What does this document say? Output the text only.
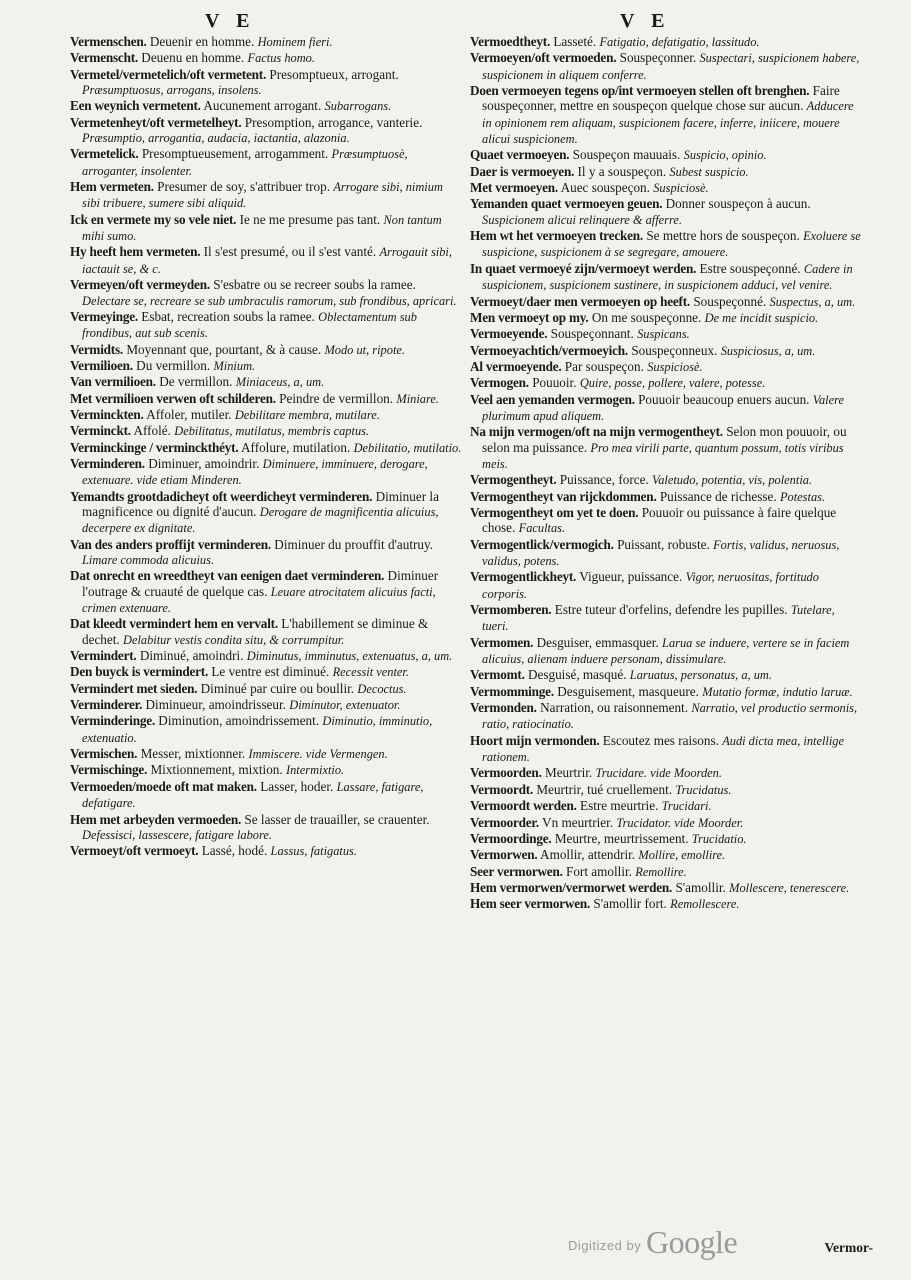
V E	V E

Vermenschen. Deuenir en homme. Hominem fieri.

Vermenscht. Deuenu en homme. Factus homo.

Vermetel/vermetelich/oft vermetent. Presomptueux, arrogant. Præsumptuosus, arrogans, insolens.

Een weynich vermetent. Aucunement arrogant. Subarrogans.

Vermetenheyt/oft vermetelheyt. Presomption, arrogance, vanterie. Præsumptio, arrogantia, audacia, iactantia, alazonia.

Vermetelick. Presomptueusement, arrogamment. Præsumptuosè, arroganter, insolenter.

Hem vermeten. Presumer de soy, s'attribuer trop. Arrogare sibi, nimium sibi tribuere, sumere sibi aliquid.

Ick en vermete my so vele niet. Ie ne me presume pas tant. Non tantum mihi sumo.

Hy heeft hem vermeten. Il s'est presumé, ou il s'est vanté. Arrogauit sibi, iactauit se, & c.

Vermeyen/oft vermeyden. S'esbatre ou se recreer soubs la ramee. Delectare se, recreare se sub umbraculis ramorum, sub frondibus, apricari.

Vermeyinge. Esbat, recreation soubs la ramee. Oblectamentum sub frondibus, aut sub scenis.

Vermidts. Moyennant que, pourtant, & à cause. Modo ut, ripote.

Vermilioen. Du vermillon. Minium.

Van vermilioen. De vermillon. Miniaceus, a, um.

Met vermilioen verwen oft schilderen. Peindre de vermillon. Miniare.

Verminckten. Affoler, mutiler. Debilitare membra, mutilare.

Verminckt. Affolé. Debilitatus, mutilatus, membris captus.

Verminckinge / verminckthéyt. Affolure, mutilation. Debilitatio, mutilatio.

Verminderen. Diminuer, amoindrir. Diminuere, imminuere, derogare, extenuare. vide etiam Minderen.

Yemandts grootdadicheyt oft weerdicheyt verminderen. Diminuer la magnificence ou dignité d'aucun. Derogare de magnificentia alicuius, decerpere ex dignitate.

Van des anders proffijt verminderen. Diminuer du prouffit d'autruy. Limare commoda alicuius.

Dat onrecht en wreedtheyt van eenigen daet verminderen. Diminuer l'outrage & cruauté de quelque cas. Leuare atrocitatem alicuius facti, crimen extenuare.

Dat kleedt vermindert hem en vervalt. L'habillement se diminue & dechet. Delabitur vestis condita situ, & corrumpitur.

Vermindert. Diminué, amoindri. Diminutus, imminutus, extenuatus, a, um.

Den buyck is vermindert. Le ventre est diminué. Recessit venter.

Vermindert met sieden. Diminué par cuire ou boullir. Decoctus.

Verminderer. Diminueur, amoindrisseur. Diminutor, extenuator.

Verminderinge. Diminution, amoindrissement. Diminutio, imminutio, extenuatio.

Vermischen. Messer, mixtionner. Immiscere. vide Vermengen.

Vermischinge. Mixtionnement, mixtion. Intermixtio.

Vermoeden/moede oft mat maken. Lasser, hoder. Lassare, fatigare, defatigare.

Hem met arbeyden vermoeden. Se lasser de trauailler, se crauenter. Defessisci, lassescere, fatigare labore.

Vermoeyt/oft vermoeyt. Lassé, hodé. Lassus, fatigatus.

Vermoedtheyt. Lasseté. Fatigatio, defatigatio, lassitudo.

Vermoeyen/oft vermoeden. Souspeçonner. Suspectari, suspicionem habere, suspicionem in aliquem conferre.

Doen vermoeyen tegens op/int vermoeyen stellen oft brenghen. Faire souspeçonner, mettre en souspeçon quelque chose sur aucun. Adducere in opinionem rem aliquam, suspicionem facere, inferre, iniicere, mouere alicui suspicionem.

Quaet vermoeyen. Souspeçon mauuais. Suspicio, opinio.

Daer is vermoeyen. Il y a souspeçon. Subest suspicio.

Met vermoeyen. Auec souspeçon. Suspiciosè.

Yemanden quaet vermoeyen geuen. Donner souspeçon à aucun. Suspicionem alicui relinquere & afferre.

Hem wt het vermoeyen trecken. Se mettre hors de souspeçon. Exoluere se suspicione, suspicionem à se segregare, amouere.

In quaet vermoeyé zijn/vermoeyt werden. Estre souspeçonné. Cadere in suspicionem, suspicionem sustinere, in suspicionem adduci, vel venire.

Vermoeyt/daer men vermoeyen op heeft. Souspeçonné. Suspectus, a, um.

Men vermoeyt op my. On me souspeçonne. De me incidit suspicio.

Vermoeyende. Souspeçonnant. Suspicans.

Vermoeyachtich/vermoeyich. Souspeçonneux. Suspiciosus, a, um.

Al vermoeyende. Par souspeçon. Suspiciosè.

Vermogen. Pouuoir. Quire, posse, pollere, valere, potesse.

Veel aen yemanden vermogen. Pouuoir beaucoup enuers aucun. Valere plurimum apud aliquem.

Na mijn vermogen/oft na mijn vermogentheyt. Selon mon pouuoir, ou selon ma puissance. Pro mea virili parte, quantum possum, totis viribus meis.

Vermogentheyt. Puissance, force. Valetudo, potentia, vis, polentia.

Vermogentheyt van rijckdommen. Puissance de richesse. Potestas.

Vermogentheyt om yet te doen. Pouuoir ou puissance à faire quelque chose. Facultas.

Vermogentlick/vermogich. Puissant, robuste. Fortis, validus, neruosus, validus, potens.

Vermogentlickheyt. Vigueur, puissance. Vigor, neruositas, fortitudo corporis.

Vermomberen. Estre tuteur d'orfelins, defendre les pupilles. Tutelare, tueri.

Vermomen. Desguiser, emmasquer. Laruа se induere, vertere se in faciem alicuius, alienam induere personam, dissimulare.

Vermomt. Desguisé, masqué. Laruatus, personatus, a, um.

Vermomminge. Desguisement, masqueure. Mutatio formæ, indutio laruæ.

Vermonden. Narration, ou raisonnement. Narratio, vel productio sermonis, ratio, ratiocinatio.

Hoort mijn vermonden. Escoutez mes raisons. Audi dicta mea, intellige rationem.

Vermoorden. Meurtrir. Trucidare. vide Moorden.

Vermoordt. Meurtrir, tué cruellement. Trucidatus.

Vermoordt werden. Estre meurtrie. Trucidari.

Vermoorder. Vn meurtrier. Trucidator. vide Moorder.

Vermoordinge. Meurtre, meurtrissement. Trucidatio.

Vermorwen. Amollir, attendrir. Mollire, emollire.

Seer vermorwen. Fort amollir. Remollire.

Hem vermorwen/vermorwet werden. S'amollir. Mollescere, tenerescere.

Hem seer vermorwen. S'amollir fort. Remollescere.

Vermor-
Digitized by Google
